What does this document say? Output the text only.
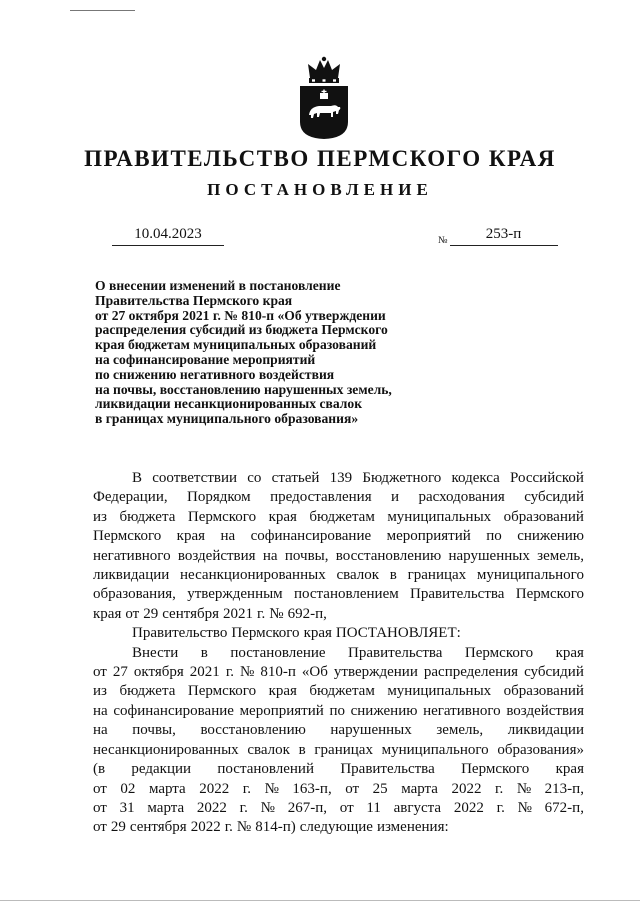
ПРАВИТЕЛЬСТВО ПЕРМСКОГО КРАЯ
ПОСТАНОВЛЕНИЕ
10.04.2023	№	253-п
О внесении изменений в постановление
Правительства Пермского края
от 27 октября 2021 г. № 810-п «Об утверждении
распределения субсидий из бюджета Пермского
края бюджетам муниципальных образований
на софинансирование мероприятий
по снижению негативного воздействия
на почвы, восстановлению нарушенных земель,
ликвидации несанкционированных свалок
в границах муниципального образования»
В соответствии со статьей 139 Бюджетного кодекса Российской
Федерации, Порядком предоставления и расходования субсидий
из бюджета Пермского края бюджетам муниципальных образований
Пермского края на софинансирование мероприятий по снижению
негативного воздействия на почвы, восстановлению нарушенных земель,
ликвидации несанкционированных свалок в границах муниципального
образования, утвержденным постановлением Правительства Пермского
края от 29 сентября 2021 г. № 692-п,
Правительство Пермского края ПОСТАНОВЛЯЕТ:
Внести в постановление Правительства Пермского края
от 27 октября 2021 г. № 810-п «Об утверждении распределения субсидий
из бюджета Пермского края бюджетам муниципальных образований
на софинансирование мероприятий по снижению негативного воздействия
на почвы, восстановлению нарушенных земель, ликвидации
несанкционированных свалок в границах муниципального образования»
(в редакции постановлений Правительства Пермского края
от 02 марта 2022 г. № 163-п, от 25 марта 2022 г. № 213-п,
от 31 марта 2022 г. № 267-п, от 11 августа 2022 г. № 672-п,
от 29 сентября 2022 г. № 814-п) следующие изменения:
